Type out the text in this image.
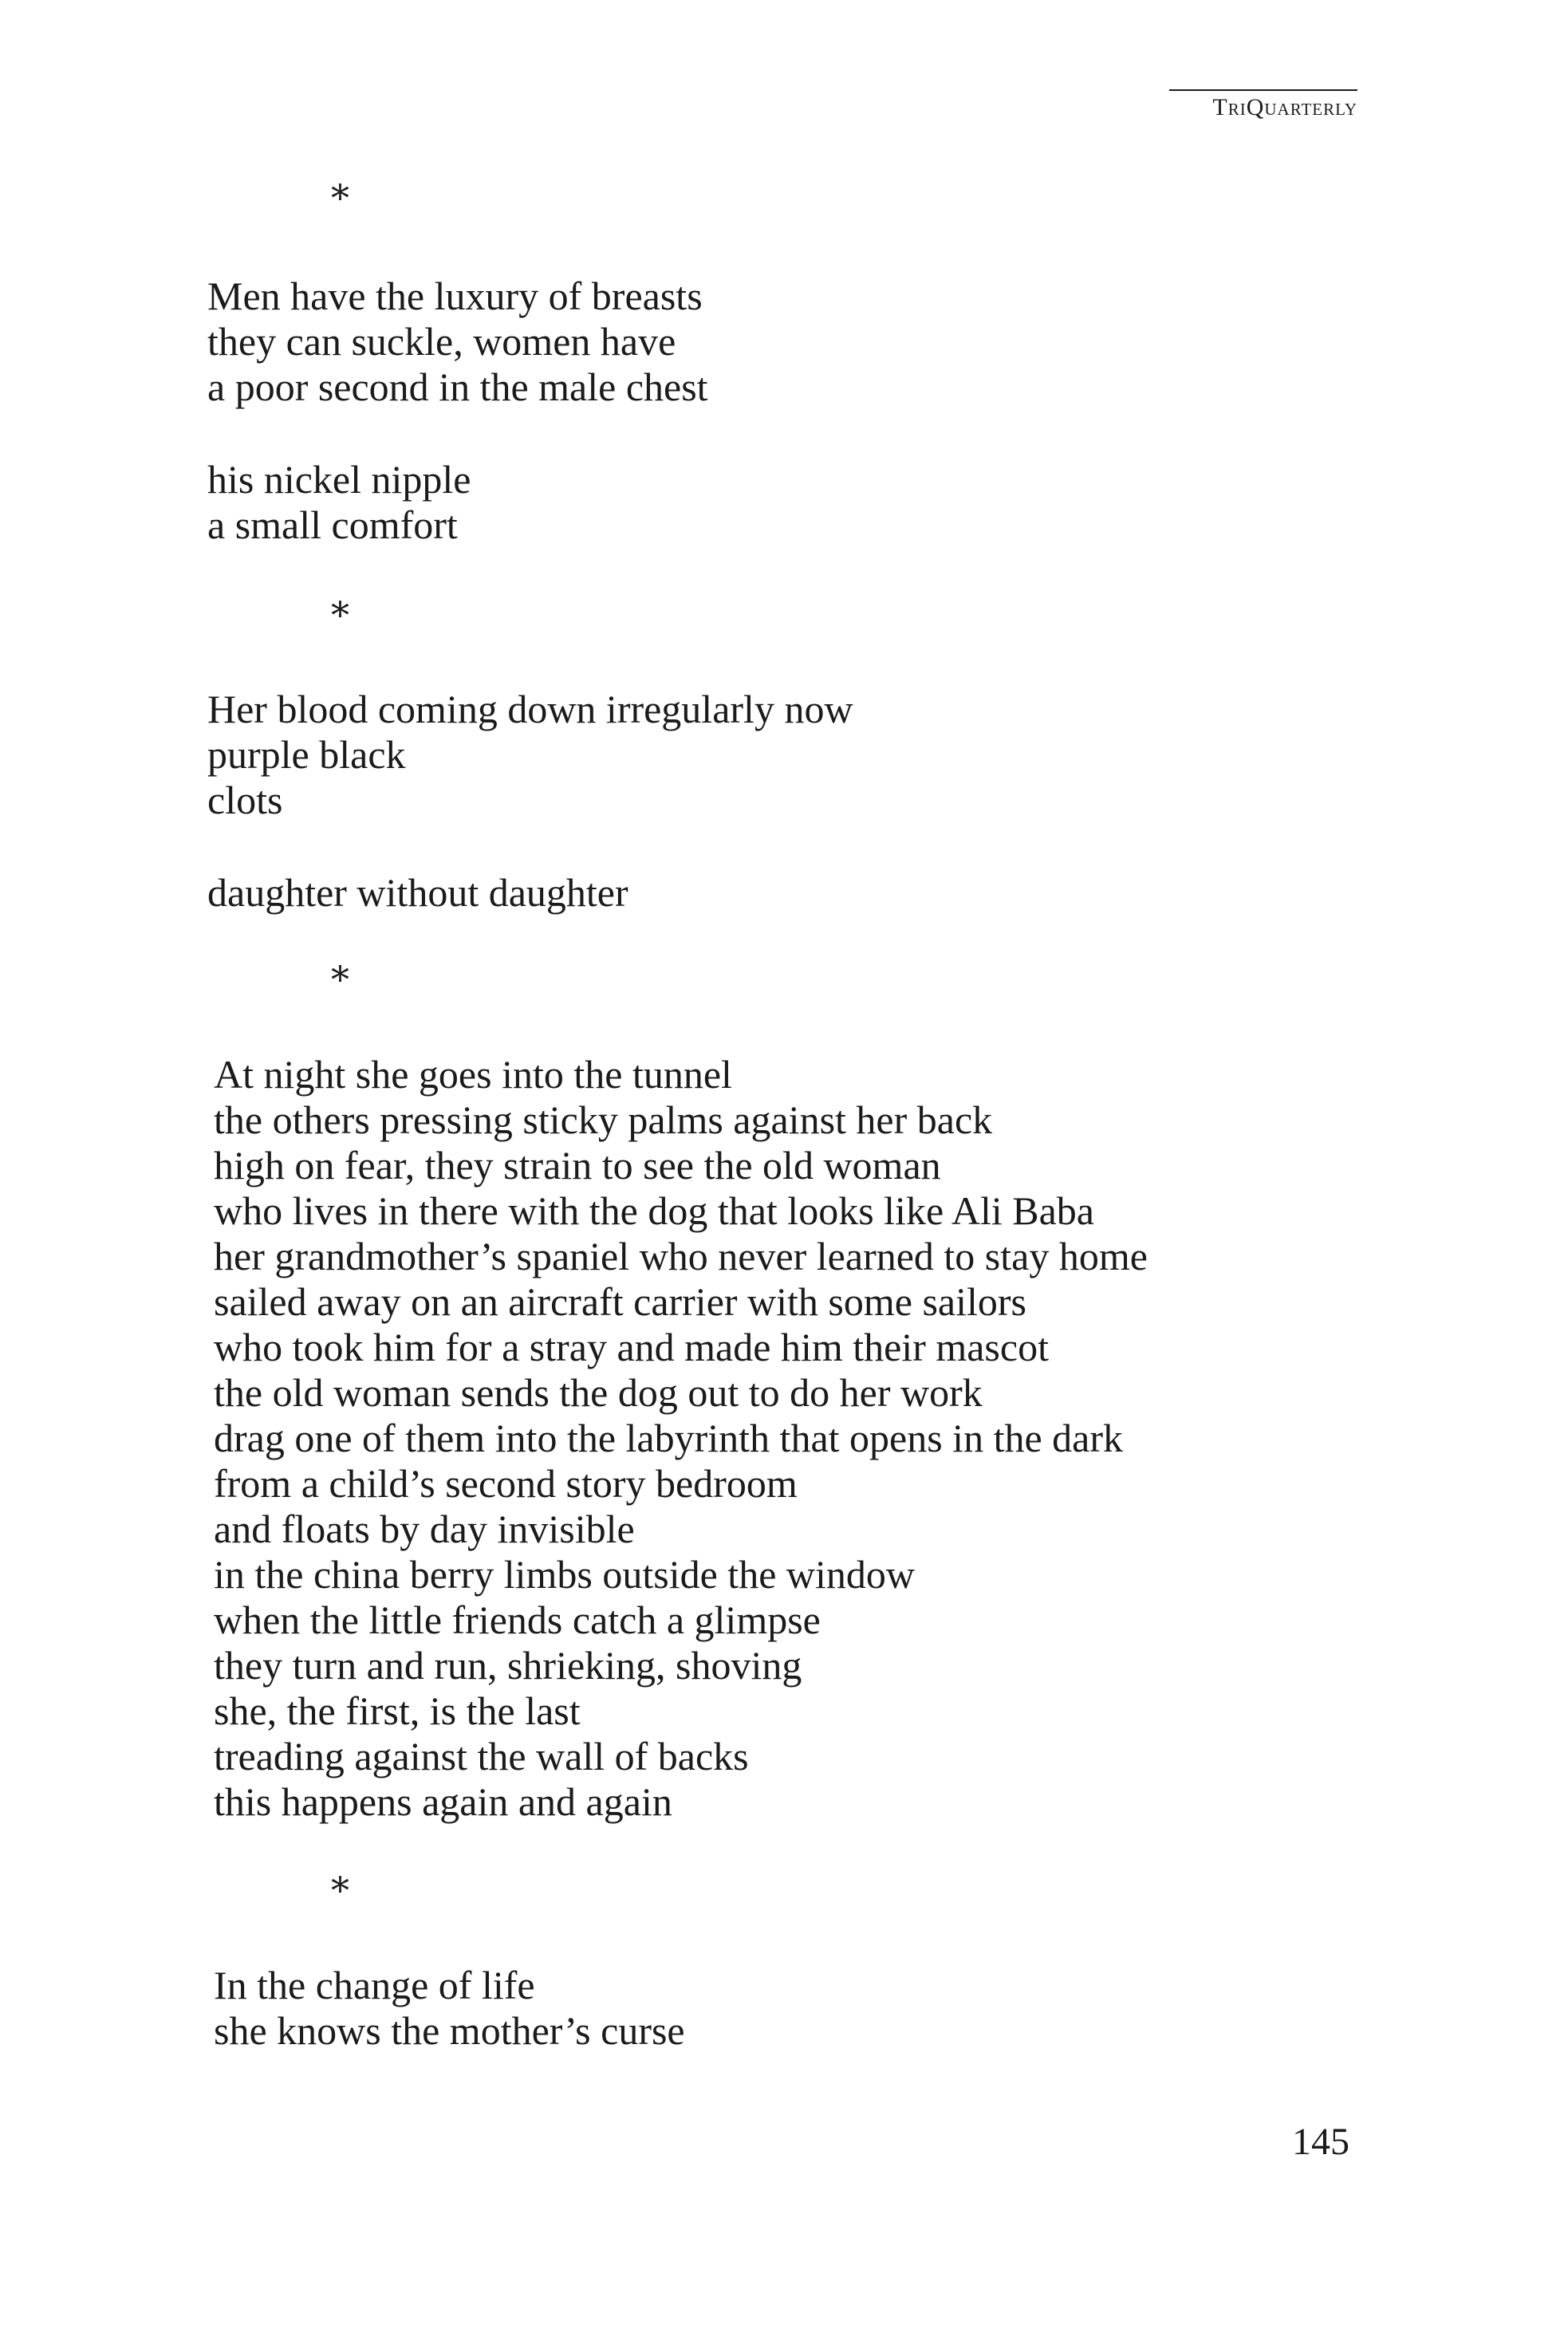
TriQuarterly
*
Men have the luxury of breasts
they can suckle, women have
a poor second in the male chest
his nickel nipple
a small comfort
*
Her blood coming down irregularly now
purple black
clots
daughter without daughter
*
At night she goes into the tunnel
the others pressing sticky palms against her back
high on fear, they strain to see the old woman
who lives in there with the dog that looks like Ali Baba
her grandmother’s spaniel who never learned to stay home
sailed away on an aircraft carrier with some sailors
who took him for a stray and made him their mascot
the old woman sends the dog out to do her work
drag one of them into the labyrinth that opens in the dark
from a child’s second story bedroom
and floats by day invisible
in the china berry limbs outside the window
when the little friends catch a glimpse
they turn and run, shrieking, shoving
she, the first, is the last
treading against the wall of backs
this happens again and again
*
In the change of life
she knows the mother’s curse
145
